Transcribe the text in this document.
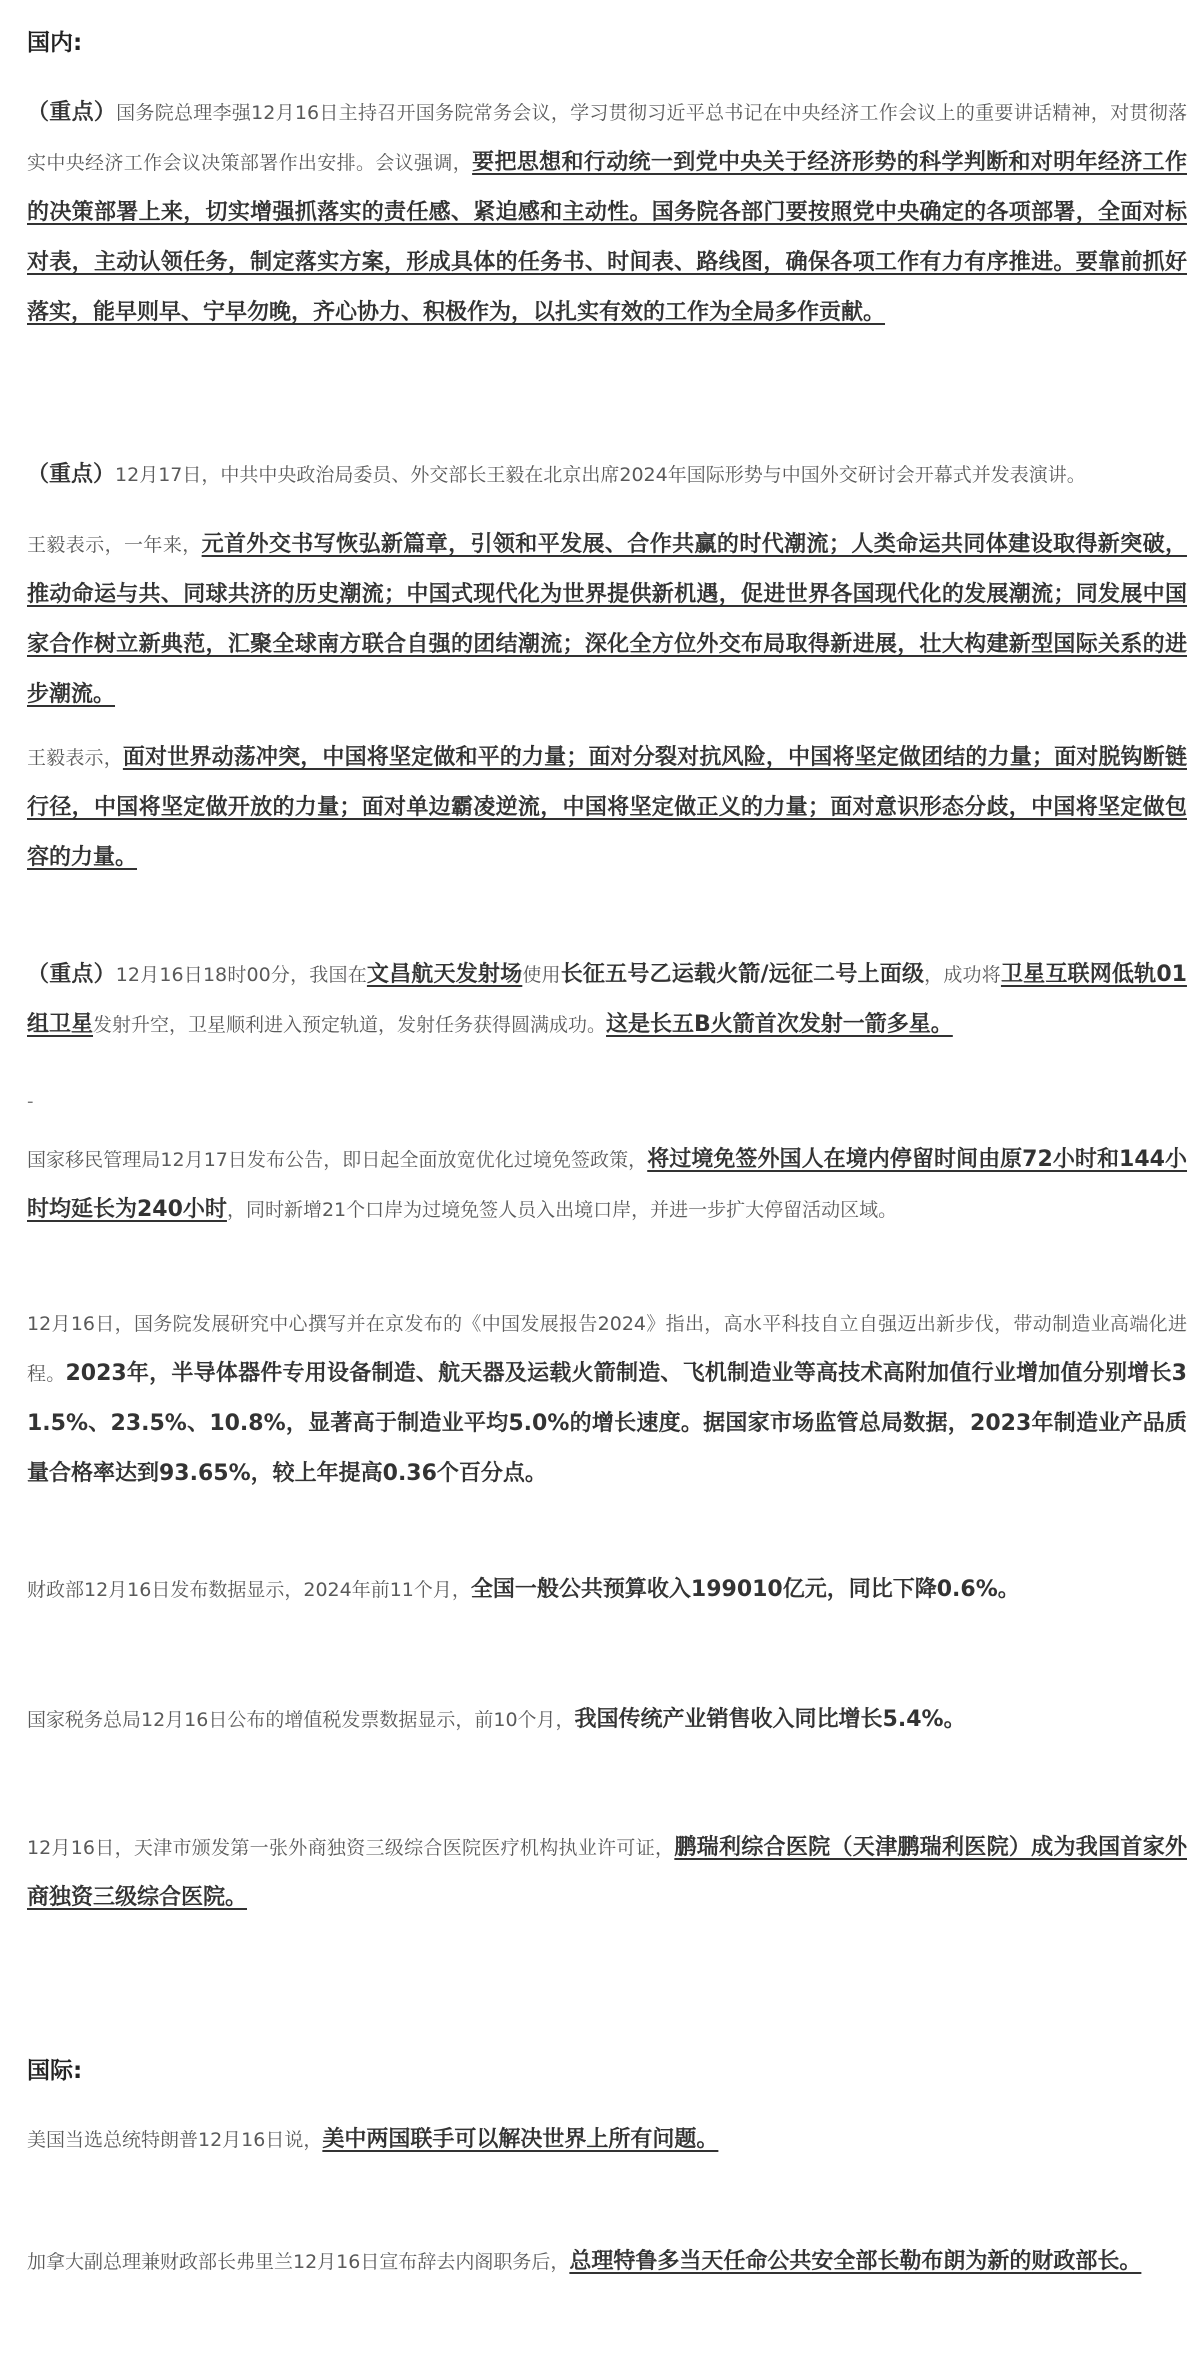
国内:
（重点）国务院总理李强12月16日主持召开国务院常务会议，学习贯彻习近平总书记在中央经济工作会议上的重要讲话精神，对贯彻落实中央经济工作会议决策部署作出安排。会议强调，要把思想和行动统一到党中央关于经济形势的科学判断和对明年经济工作的决策部署上来，切实增强抓落实的责任感、紧迫感和主动性。国务院各部门要按照党中央确定的各项部署，全面对标对表，主动认领任务，制定落实方案，形成具体的任务书、时间表、路线图，确保各项工作有力有序推进。要靠前抓好落实，能早则早、宁早勿晚，齐心协力、积极作为，以扎实有效的工作为全局多作贡献。
（重点）12月17日，中共中央政治局委员、外交部长王毅在北京出席2024年国际形势与中国外交研讨会开幕式并发表演讲。
王毅表示，一年来，元首外交书写恢弘新篇章，引领和平发展、合作共赢的时代潮流；人类命运共同体建设取得新突破，推动命运与共、同球共济的历史潮流；中国式现代化为世界提供新机遇，促进世界各国现代化的发展潮流；同发展中国家合作树立新典范，汇聚全球南方联合自强的团结潮流；深化全方位外交布局取得新进展，壮大构建新型国际关系的进步潮流。
王毅表示，面对世界动荡冲突，中国将坚定做和平的力量；面对分裂对抗风险，中国将坚定做团结的力量；面对脱钩断链行径，中国将坚定做开放的力量；面对单边霸凌逆流，中国将坚定做正义的力量；面对意识形态分歧，中国将坚定做包容的力量。
（重点）12月16日18时00分，我国在文昌航天发射场使用长征五号乙运载火箭/远征二号上面级，成功将卫星互联网低轨01组卫星发射升空，卫星顺利进入预定轨道，发射任务获得圆满成功。这是长五B火箭首次发射一箭多星。
-
国家移民管理局12月17日发布公告，即日起全面放宽优化过境免签政策，将过境免签外国人在境内停留时间由原72小时和144小时均延长为240小时，同时新增21个口岸为过境免签人员入出境口岸，并进一步扩大停留活动区域。
12月16日，国务院发展研究中心撰写并在京发布的《中国发展报告2024》指出，高水平科技自立自强迈出新步伐，带动制造业高端化进程。2023年，半导体器件专用设备制造、航天器及运载火箭制造、飞机制造业等高技术高附加值行业增加值分别增长31.5%、23.5%、10.8%，显著高于制造业平均5.0%的增长速度。据国家市场监管总局数据，2023年制造业产品质量合格率达到93.65%，较上年提高0.36个百分点。
财政部12月16日发布数据显示，2024年前11个月，全国一般公共预算收入199010亿元，同比下降0.6%。
国家税务总局12月16日公布的增值税发票数据显示，前10个月，我国传统产业销售收入同比增长5.4%。
12月16日，天津市颁发第一张外商独资三级综合医院医疗机构执业许可证，鹏瑞利综合医院（天津鹏瑞利医院）成为我国首家外商独资三级综合医院。
国际:
美国当选总统特朗普12月16日说，美中两国联手可以解决世界上所有问题。
加拿大副总理兼财政部长弗里兰12月16日宣布辞去内阁职务后，总理特鲁多当天任命公共安全部长勒布朗为新的财政部长。
